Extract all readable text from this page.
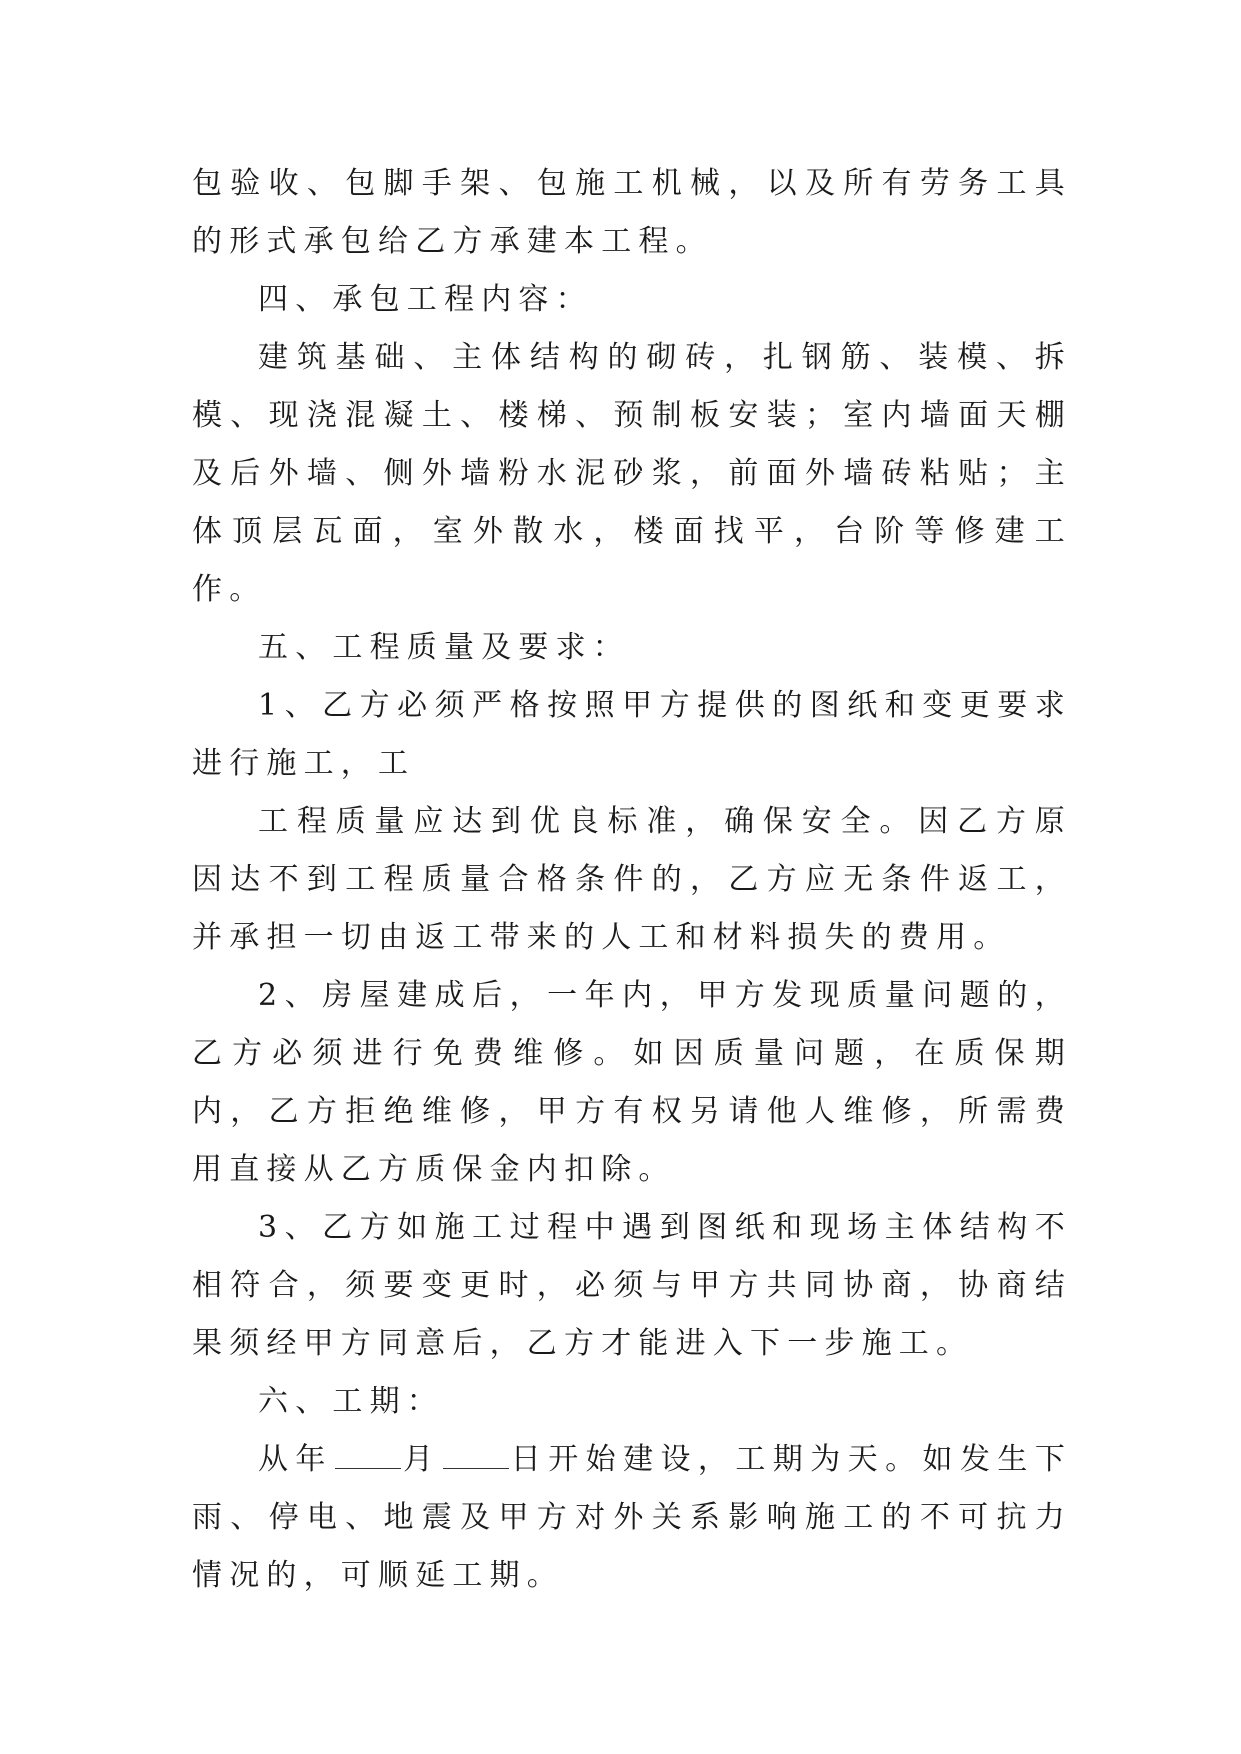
包验收、包脚手架、包施工机械，以及所有劳务工具的形式承包给乙方承建本工程。
四、承包工程内容：
建筑基础、主体结构的砌砖，扎钢筋、装模、拆模、现浇混凝土、楼梯、预制板安装；室内墙面天棚及后外墙、侧外墙粉水泥砂浆，前面外墙砖粘贴；主体顶层瓦面，室外散水，楼面找平，台阶等修建工作。
五、工程质量及要求：
1、乙方必须严格按照甲方提供的图纸和变更要求进行施工，工
工程质量应达到优良标准，确保安全。因乙方原因达不到工程质量合格条件的，乙方应无条件返工，并承担一切由返工带来的人工和材料损失的费用。
2、房屋建成后，一年内，甲方发现质量问题的，乙方必须进行免费维修。如因质量问题，在质保期内，乙方拒绝维修，甲方有权另请他人维修，所需费用直接从乙方质保金内扣除。
3、乙方如施工过程中遇到图纸和现场主体结构不相符合，须要变更时，必须与甲方共同协商，协商结果须经甲方同意后，乙方才能进入下一步施工。
六、工期：
从年 月 日开始建设，工期为天。如发生下雨、停电、地震及甲方对外关系影响施工的不可抗力情况的，可顺延工期。
